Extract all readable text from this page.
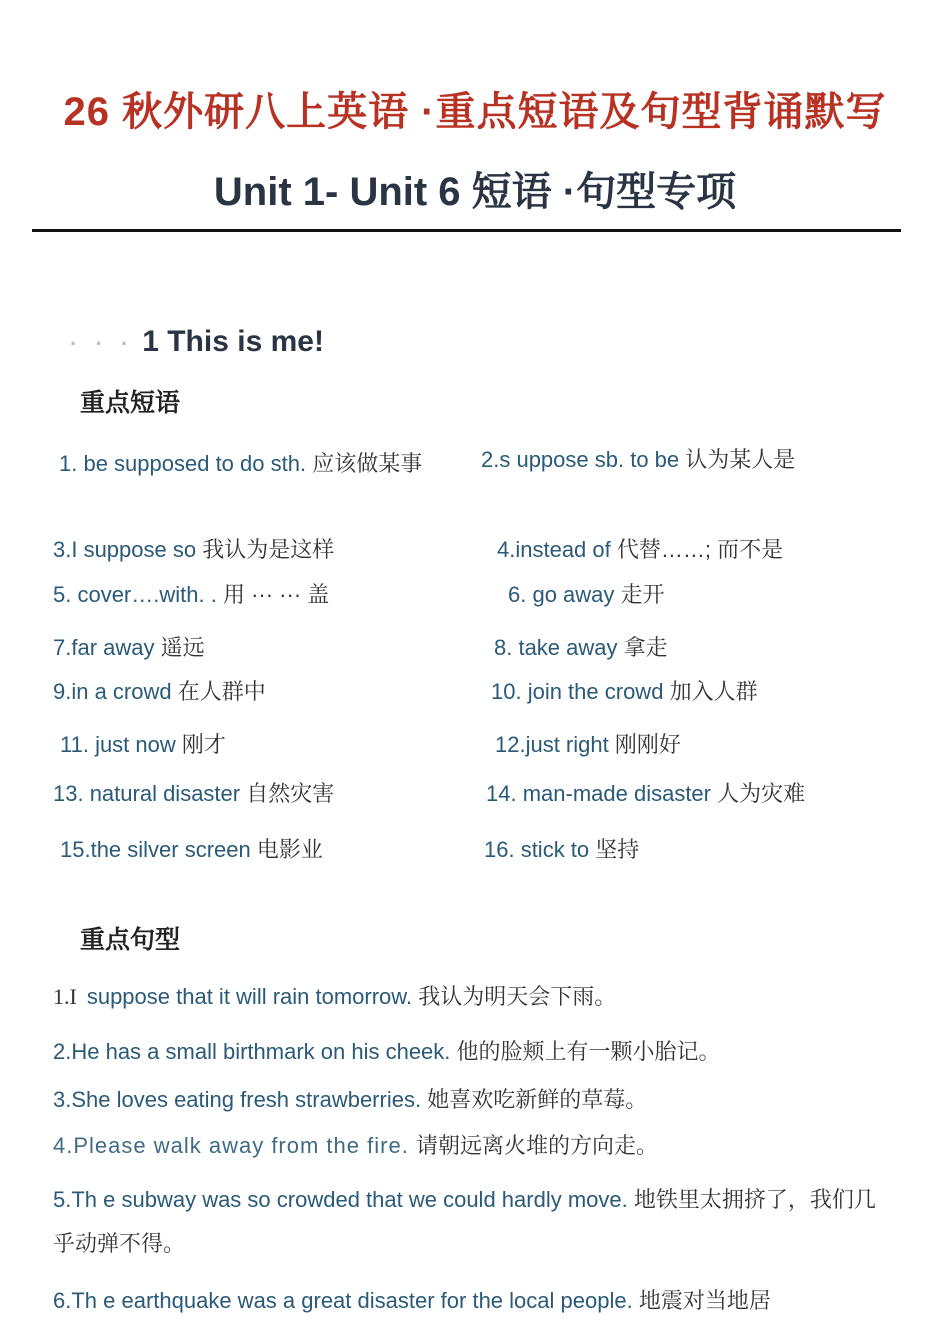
26 秋外研八上英语 ·重点短语及句型背诵默写
Unit 1- Unit 6 短语 ·句型专项
· · · 1 This is me!
重点短语
1. be supposed to do sth. 应该做某事	2.s uppose sb. to be 认为某人是
3.I suppose so 我认为是这样	4.instead of 代替……; 而不是
5. cover….with. . 用 ··· ··· 盖	6. go away 走开
7.far away 遥远	8. take away 拿走
9.in a crowd 在人群中	10. join the crowd 加入人群
11. just now 刚才	12.just right 刚刚好
13. natural disaster 自然灾害	14. man-made disaster 人为灾难
15.the silver screen 电影业	16. stick to 坚持
重点句型
1.I suppose that it will rain tomorrow. 我认为明天会下雨。
2.He has a small birthmark on his cheek. 他的脸颊上有一颗小胎记。
3.She loves eating fresh strawberries. 她喜欢吃新鲜的草莓。
4.Please walk away from the fire. 请朝远离火堆的方向走。
5.Th e subway was so crowded that we could hardly move. 地铁里太拥挤了，我们几乎动弹不得。
6.Th e earthquake was a great disaster for the local people. 地震对当地居
